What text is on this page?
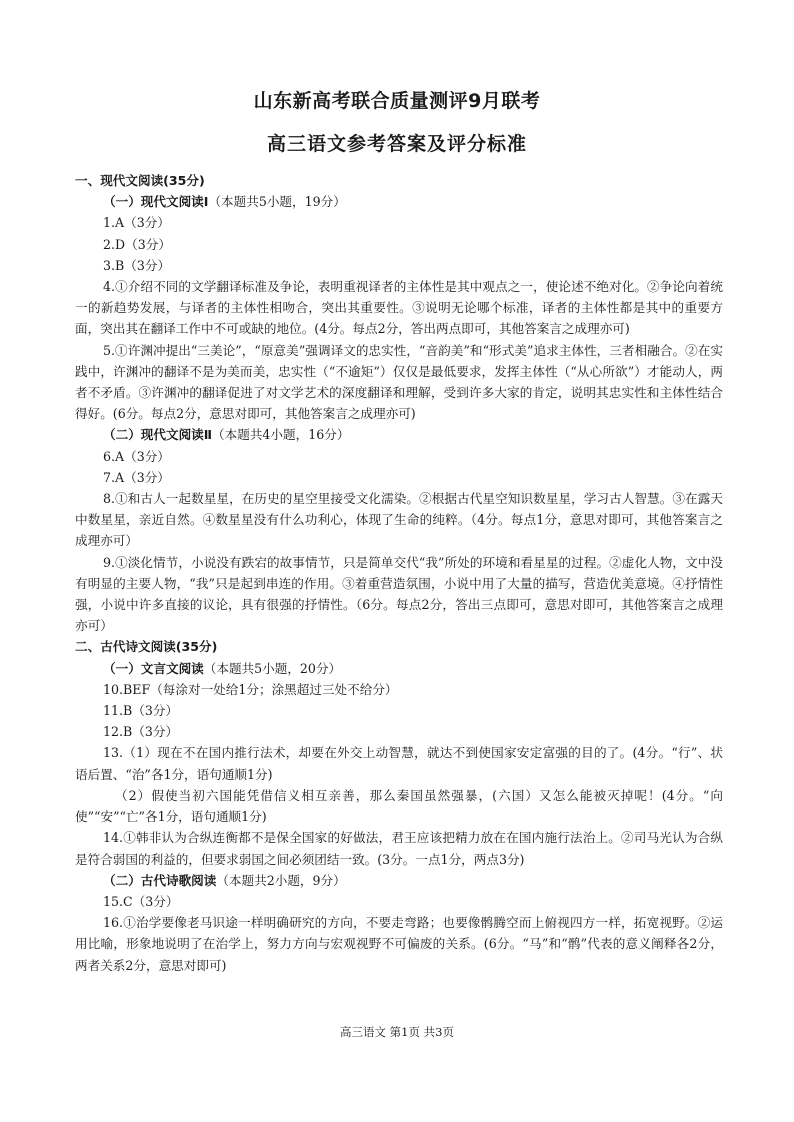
山东新高考联合质量测评9月联考
高三语文参考答案及评分标准

一、现代文阅读(35分)

（一）现代文阅读Ⅰ（本题共5小题，19分）

1.A（3分）

2.D（3分）

3.B（3分）

4.①介绍不同的文学翻译标准及争论，表明重视译者的主体性是其中观点之一，使论述不绝对化。②争论向着统一的新趋势发展，与译者的主体性相吻合，突出其重要性。③说明无论哪个标准，译者的主体性都是其中的重要方面，突出其在翻译工作中不可或缺的地位。(4分。每点2分，答出两点即可，其他答案言之成理亦可)

5.①许渊冲提出“三美论”，“原意美”强调译文的忠实性，“音韵美”和“形式美”追求主体性，三者相融合。②在实践中，许渊冲的翻译不是为美而美，忠实性（“不逾矩”）仅仅是最低要求，发挥主体性（“从心所欲”）才能动人，两者不矛盾。③许渊冲的翻译促进了对文学艺术的深度翻译和理解，受到许多大家的肯定，说明其忠实性和主体性结合得好。(6分。每点2分，意思对即可，其他答案言之成理亦可)

（二）现代文阅读Ⅱ（本题共4小题，16分）

6.A（3分）

7.A（3分）

8.①和古人一起数星星，在历史的星空里接受文化濡染。②根据古代星空知识数星星，学习古人智慧。③在露天中数星星，亲近自然。④数星星没有什么功利心，体现了生命的纯粹。（4分。每点1分，意思对即可，其他答案言之成理亦可）

9.①淡化情节，小说没有跌宕的故事情节，只是简单交代“我”所处的环境和看星星的过程。②虚化人物，文中没有明显的主要人物，“我”只是起到串连的作用。③着重营造氛围，小说中用了大量的描写，营造优美意境。④抒情性强，小说中许多直接的议论，具有很强的抒情性。（6分。每点2分，答出三点即可，意思对即可，其他答案言之成理亦可）

二、古代诗文阅读(35分)

（一）文言文阅读（本题共5小题，20分）

10.BEF（每涂对一处给1分；涂黑超过三处不给分）

11.B（3分）

12.B（3分）

13.（1）现在不在国内推行法术，却要在外交上动智慧，就达不到使国家安定富强的目的了。(4分。“行”、状语后置、“治”各1分，语句通顺1分)

（2）假使当初六国能凭借信义相互亲善，那么秦国虽然强暴，(六国）又怎么能被灭掉呢！(4分。“向使”“安”“亡”各1分，语句通顺1分)

14.①韩非认为合纵连衡都不是保全国家的好做法，君王应该把精力放在在国内施行法治上。②司马光认为合纵是符合弱国的利益的，但要求弱国之间必须团结一致。(3分。一点1分，两点3分)

（二）古代诗歌阅读（本题共2小题，9分）

15.C（3分）

16.①治学要像老马识途一样明确研究的方向，不要走弯路；也要像鹘腾空而上俯视四方一样，拓宽视野。②运用比喻，形象地说明了在治学上，努力方向与宏观视野不可偏废的关系。(6分。“马”和“鹘”代表的意义阐释各2分，两者关系2分，意思对即可)

高三语文 第1页 共3页
